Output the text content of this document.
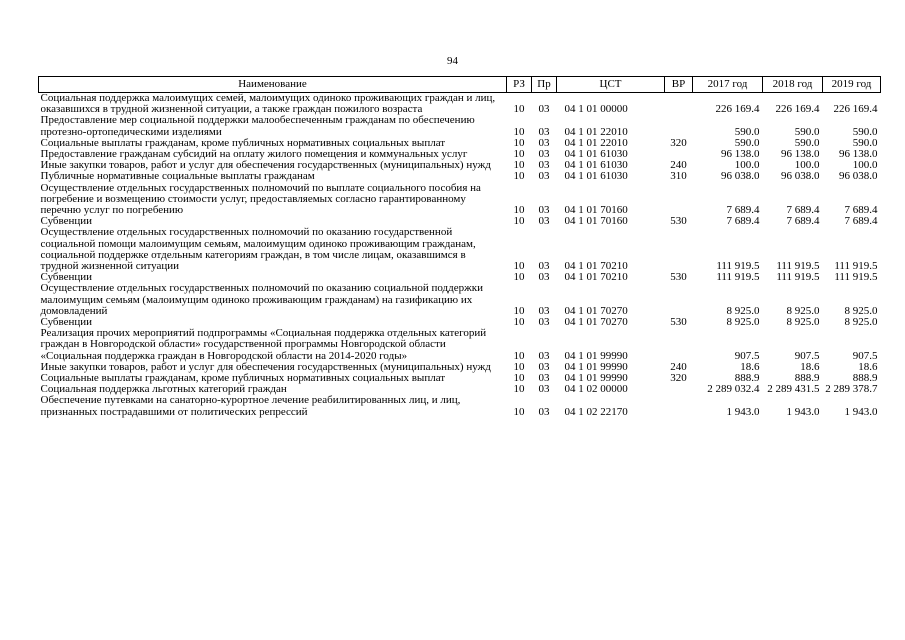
94
Наименование	РЗ	Пр	ЦСТ	ВР	2017 год	2018 год	2019 год
Социальная поддержка малоимущих семей, малоимущих одиноко проживающих граждан и лиц, оказавшихся в трудной жизненной ситуации, а также граждан пожилого возраста	10	03	04 1 01 00000		226 169.4	226 169.4	226 169.4
Предоставление мер социальной поддержки малообеспеченным гражданам по обеспечению протезно-ортопедическими изделиями	10	03	04 1 01 22010		590.0	590.0	590.0
Социальные выплаты гражданам, кроме публичных нормативных социальных выплат	10	03	04 1 01 22010	320	590.0	590.0	590.0
Предоставление гражданам субсидий на оплату жилого помещения и коммунальных услуг	10	03	04 1 01 61030		96 138.0	96 138.0	96 138.0
Иные закупки товаров, работ и услуг для обеспечения государственных (муниципальных) нужд	10	03	04 1 01 61030	240	100.0	100.0	100.0
Публичные нормативные социальные выплаты гражданам	10	03	04 1 01 61030	310	96 038.0	96 038.0	96 038.0
Осуществление отдельных государственных полномочий по выплате социального пособия на погребение и возмещению стоимости услуг, предоставляемых согласно гарантированному перечню услуг по погребению	10	03	04 1 01 70160		7 689.4	7 689.4	7 689.4
Субвенции	10	03	04 1 01 70160	530	7 689.4	7 689.4	7 689.4
Осуществление отдельных государственных полномочий по оказанию государственной социальной помощи малоимущим семьям, малоимущим одиноко проживающим гражданам, социальной поддержке отдельным категориям граждан, в том числе лицам, оказавшимся в трудной жизненной ситуации	10	03	04 1 01 70210		111 919.5	111 919.5	111 919.5
Субвенции	10	03	04 1 01 70210	530	111 919.5	111 919.5	111 919.5
Осуществление отдельных государственных полномочий по оказанию социальной поддержки малоимущим семьям (малоимущим одиноко проживающим гражданам) на газификацию их домовладений	10	03	04 1 01 70270		8 925.0	8 925.0	8 925.0
Субвенции	10	03	04 1 01 70270	530	8 925.0	8 925.0	8 925.0
Реализация прочих мероприятий подпрограммы «Социальная поддержка отдельных категорий граждан в Новгородской области» государственной программы Новгородской области «Социальная поддержка граждан в Новгородской области на 2014-2020 годы»	10	03	04 1 01 99990		907.5	907.5	907.5
Иные закупки товаров, работ и услуг для обеспечения государственных (муниципальных) нужд	10	03	04 1 01 99990	240	18.6	18.6	18.6
Социальные выплаты гражданам, кроме публичных нормативных социальных выплат	10	03	04 1 01 99990	320	888.9	888.9	888.9
Социальная поддержка льготных категорий граждан	10	03	04 1 02 00000		2 289 032.4	2 289 431.5	2 289 378.7
Обеспечение путевками на санаторно-курортное лечение реабилитированных лиц, и лиц, признанных пострадавшими от политических репрессий	10	03	04 1 02 22170		1 943.0	1 943.0	1 943.0
